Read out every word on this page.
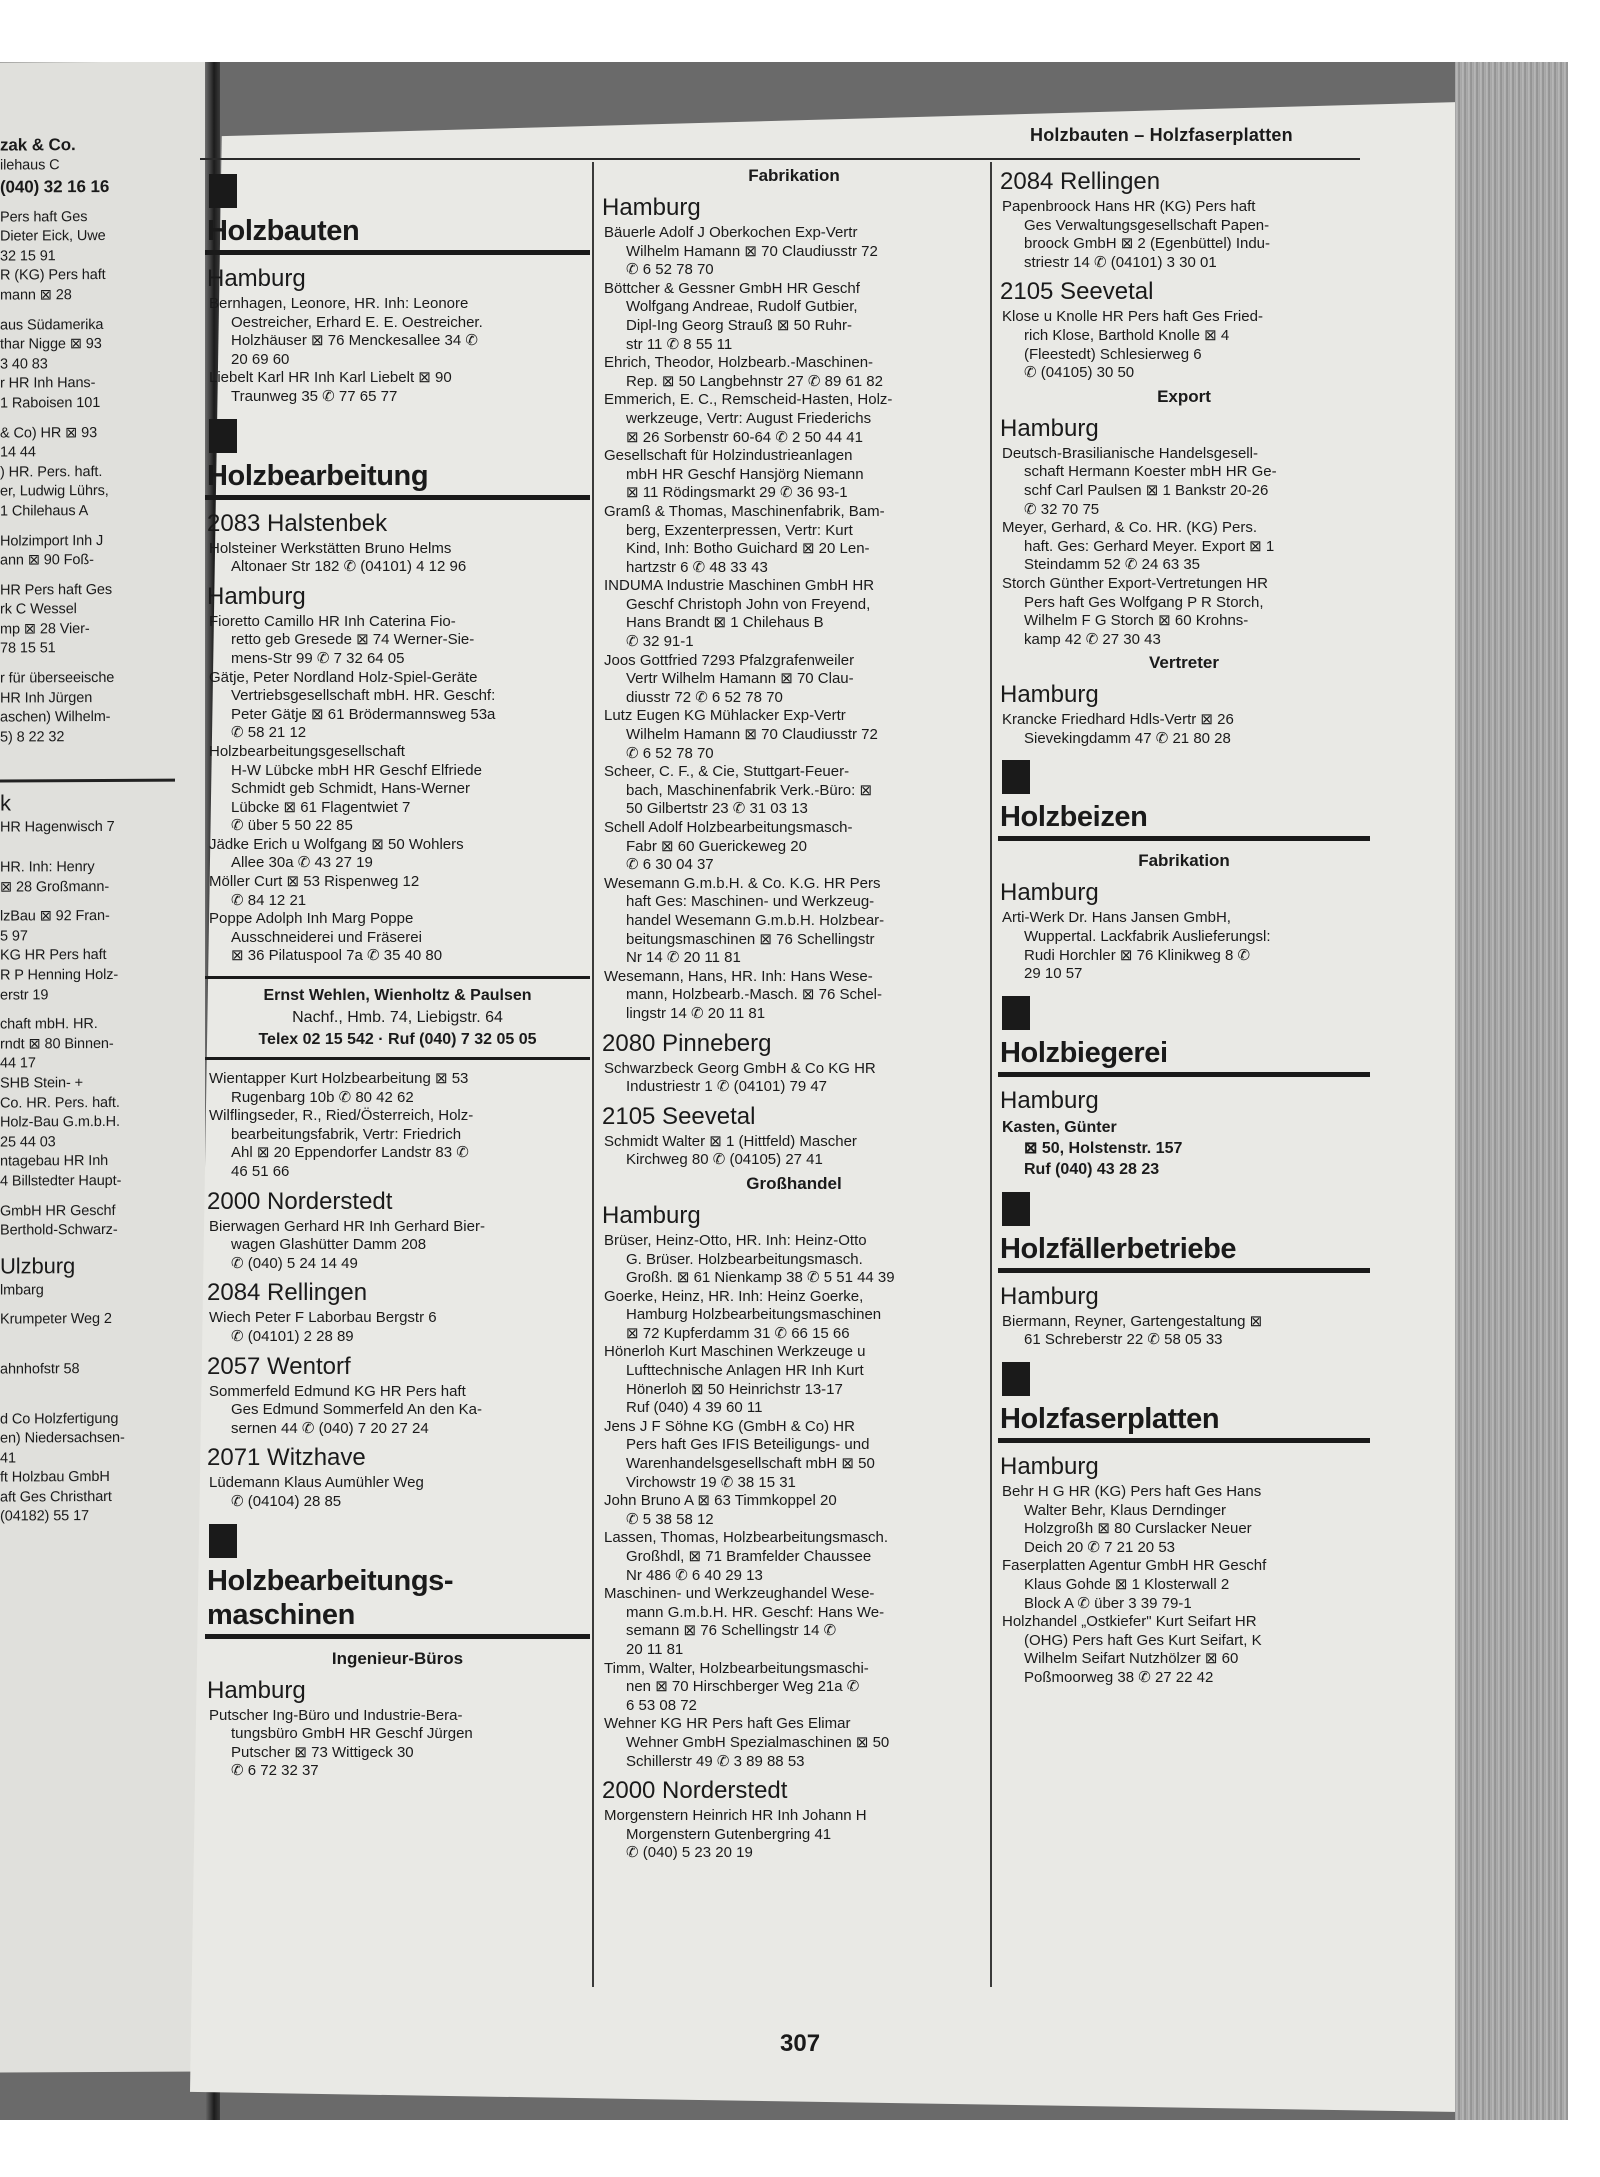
zak & Co.
ilehaus C
(040) 32 16 16
Pers haft Ges
Dieter Eick, Uwe
32 15 91
R (KG) Pers haft
mann ⊠ 28
aus Südamerika
thar Nigge ⊠ 93
3 40 83
r HR Inh Hans-
1 Raboisen 101
& Co) HR ⊠ 93
14 44
) HR. Pers. haft.
er, Ludwig Lührs,
1 Chilehaus A
Holzimport Inh J
ann ⊠ 90 Foß-
HR Pers haft Ges
rk C Wessel
mp ⊠ 28 Vier-
78 15 51
r für überseeische
HR Inh Jürgen
aschen) Wilhelm-
5) 8 22 32
k
HR Hagenwisch 7
HR. Inh: Henry
⊠ 28 Großmann-
lzBau ⊠ 92 Fran-
5 97
KG HR Pers haft
R P Henning Holz-
erstr 19
chaft mbH. HR.
rndt ⊠ 80 Binnen-
44 17
SHB Stein- +
Co. HR. Pers. haft.
Holz-Bau G.m.b.H.
25 44 03
ntagebau HR Inh
4 Billstedter Haupt-
GmbH HR Geschf
Berthold-Schwarz-
Ulzburg
lmbarg
Krumpeter Weg 2
ahnhofstr 58
d Co Holzfertigung
en) Niedersachsen-
41
ft Holzbau GmbH
aft Ges Christhart
(04182) 55 17
Holzbauten – Holzfaserplatten
Holzbauten
Hamburg
Bernhagen, Leonore, HR. Inh: Leonore
Oestreicher, Erhard E. E. Oestreicher.
Holzhäuser ⊠ 76 Menckesallee 34 ✆
20 69 60
Liebelt Karl HR Inh Karl Liebelt ⊠ 90
Traunweg 35 ✆ 77 65 77
Holzbearbeitung
2083 Halstenbek
Holsteiner Werkstätten Bruno Helms
Altonaer Str 182 ✆ (04101) 4 12 96
Hamburg
Fioretto Camillo HR Inh Caterina Fio-
retto geb Gresede ⊠ 74 Werner-Sie-
mens-Str 99 ✆ 7 32 64 05
Gätje, Peter Nordland Holz-Spiel-Geräte
Vertriebsgesellschaft mbH. HR. Geschf:
Peter Gätje ⊠ 61 Brödermannsweg 53a
✆ 58 21 12
Holzbearbeitungsgesellschaft
H-W Lübcke mbH HR Geschf Elfriede
Schmidt geb Schmidt, Hans-Werner
Lübcke ⊠ 61 Flagentwiet 7
✆ über 5 50 22 85
Jädke Erich u Wolfgang ⊠ 50 Wohlers
Allee 30a ✆ 43 27 19
Möller Curt ⊠ 53 Rispenweg 12
✆ 84 12 21
Poppe Adolph Inh Marg Poppe
Ausschneiderei und Fräserei
⊠ 36 Pilatuspool 7a ✆ 35 40 80
Ernst Wehlen, Wienholtz & Paulsen
Nachf., Hmb. 74, Liebigstr. 64
Telex 02 15 542 · Ruf (040) 7 32 05 05
Wientapper Kurt Holzbearbeitung ⊠ 53
Rugenbarg 10b ✆ 80 42 62
Wilflingseder, R., Ried/Österreich, Holz-
bearbeitungsfabrik, Vertr: Friedrich
Ahl ⊠ 20 Eppendorfer Landstr 83 ✆
46 51 66
2000 Norderstedt
Bierwagen Gerhard HR Inh Gerhard Bier-
wagen Glashütter Damm 208
✆ (040) 5 24 14 49
2084 Rellingen
Wiech Peter F Laborbau Bergstr 6
✆ (04101) 2 28 89
2057 Wentorf
Sommerfeld Edmund KG HR Pers haft
Ges Edmund Sommerfeld An den Ka-
sernen 44 ✆ (040) 7 20 27 24
2071 Witzhave
Lüdemann Klaus Aumühler Weg
✆ (04104) 28 85
Holzbearbeitungs-
maschinen
Ingenieur-Büros
Hamburg
Putscher Ing-Büro und Industrie-Bera-
tungsbüro GmbH HR Geschf Jürgen
Putscher ⊠ 73 Wittigeck 30
✆ 6 72 32 37
Fabrikation
Hamburg
Bäuerle Adolf J Oberkochen Exp-Vertr
Wilhelm Hamann ⊠ 70 Claudiusstr 72
✆ 6 52 78 70
Böttcher & Gessner GmbH HR Geschf
Wolfgang Andreae, Rudolf Gutbier,
Dipl-Ing Georg Strauß ⊠ 50 Ruhr-
str 11 ✆ 8 55 11
Ehrich, Theodor, Holzbearb.-Maschinen-
Rep. ⊠ 50 Langbehnstr 27 ✆ 89 61 82
Emmerich, E. C., Remscheid-Hasten, Holz-
werkzeuge, Vertr: August Friederichs
⊠ 26 Sorbenstr 60-64 ✆ 2 50 44 41
Gesellschaft für Holzindustrieanlagen
mbH HR Geschf Hansjörg Niemann
⊠ 11 Rödingsmarkt 29 ✆ 36 93-1
Gramß & Thomas, Maschinenfabrik, Bam-
berg, Exzenterpressen, Vertr: Kurt
Kind, Inh: Botho Guichard ⊠ 20 Len-
hartzstr 6 ✆ 48 33 43
INDUMA Industrie Maschinen GmbH HR
Geschf Christoph John von Freyend,
Hans Brandt ⊠ 1 Chilehaus B
✆ 32 91-1
Joos Gottfried 7293 Pfalzgrafenweiler
Vertr Wilhelm Hamann ⊠ 70 Clau-
diusstr 72 ✆ 6 52 78 70
Lutz Eugen KG Mühlacker Exp-Vertr
Wilhelm Hamann ⊠ 70 Claudiusstr 72
✆ 6 52 78 70
Scheer, C. F., & Cie, Stuttgart-Feuer-
bach, Maschinenfabrik Verk.-Büro: ⊠
50 Gilbertstr 23 ✆ 31 03 13
Schell Adolf Holzbearbeitungsmasch-
Fabr ⊠ 60 Guerickeweg 20
✆ 6 30 04 37
Wesemann G.m.b.H. & Co. K.G. HR Pers
haft Ges: Maschinen- und Werkzeug-
handel Wesemann G.m.b.H. Holzbear-
beitungsmaschinen ⊠ 76 Schellingstr
Nr 14 ✆ 20 11 81
Wesemann, Hans, HR. Inh: Hans Wese-
mann, Holzbearb.-Masch. ⊠ 76 Schel-
lingstr 14 ✆ 20 11 81
2080 Pinneberg
Schwarzbeck Georg GmbH & Co KG HR
Industriestr 1 ✆ (04101) 79 47
2105 Seevetal
Schmidt Walter ⊠ 1 (Hittfeld) Mascher
Kirchweg 80 ✆ (04105) 27 41
Großhandel
Hamburg
Brüser, Heinz-Otto, HR. Inh: Heinz-Otto
G. Brüser. Holzbearbeitungsmasch.
Großh. ⊠ 61 Nienkamp 38 ✆ 5 51 44 39
Goerke, Heinz, HR. Inh: Heinz Goerke,
Hamburg Holzbearbeitungsmaschinen
⊠ 72 Kupferdamm 31 ✆ 66 15 66
Hönerloh Kurt Maschinen Werkzeuge u
Lufttechnische Anlagen HR Inh Kurt
Hönerloh ⊠ 50 Heinrichstr 13-17
Ruf (040) 4 39 60 11
Jens J F Söhne KG (GmbH & Co) HR
Pers haft Ges IFIS Beteiligungs- und
Warenhandelsgesellschaft mbH ⊠ 50
Virchowstr 19 ✆ 38 15 31
John Bruno A ⊠ 63 Timmkoppel 20
✆ 5 38 58 12
Lassen, Thomas, Holzbearbeitungsmasch.
Großhdl, ⊠ 71 Bramfelder Chaussee
Nr 486 ✆ 6 40 29 13
Maschinen- und Werkzeughandel Wese-
mann G.m.b.H. HR. Geschf: Hans We-
semann ⊠ 76 Schellingstr 14 ✆
20 11 81
Timm, Walter, Holzbearbeitungsmaschi-
nen ⊠ 70 Hirschberger Weg 21a ✆
6 53 08 72
Wehner KG HR Pers haft Ges Elimar
Wehner GmbH Spezialmaschinen ⊠ 50
Schillerstr 49 ✆ 3 89 88 53
2000 Norderstedt
Morgenstern Heinrich HR Inh Johann H
Morgenstern Gutenbergring 41
✆ (040) 5 23 20 19
2084 Rellingen
Papenbroock Hans HR (KG) Pers haft
Ges Verwaltungsgesellschaft Papen-
broock GmbH ⊠ 2 (Egenbüttel) Indu-
striestr 14 ✆ (04101) 3 30 01
2105 Seevetal
Klose u Knolle HR Pers haft Ges Fried-
rich Klose, Barthold Knolle ⊠ 4
(Fleestedt) Schlesierweg 6
✆ (04105) 30 50
Export
Hamburg
Deutsch-Brasilianische Handelsgesell-
schaft Hermann Koester mbH HR Ge-
schf Carl Paulsen ⊠ 1 Bankstr 20-26
✆ 32 70 75
Meyer, Gerhard, & Co. HR. (KG) Pers.
haft. Ges: Gerhard Meyer. Export ⊠ 1
Steindamm 52 ✆ 24 63 35
Storch Günther Export-Vertretungen HR
Pers haft Ges Wolfgang P R Storch,
Wilhelm F G Storch ⊠ 60 Krohns-
kamp 42 ✆ 27 30 43
Vertreter
Hamburg
Krancke Friedhard Hdls-Vertr ⊠ 26
Sievekingdamm 47 ✆ 21 80 28
Holzbeizen
Fabrikation
Hamburg
Arti-Werk Dr. Hans Jansen GmbH,
Wuppertal. Lackfabrik Auslieferungsl:
Rudi Horchler ⊠ 76 Klinikweg 8 ✆
29 10 57
Holzbiegerei
Hamburg
Kasten, Günter
⊠ 50, Holstenstr. 157
Ruf (040) 43 28 23
Holzfällerbetriebe
Hamburg
Biermann, Reyner, Gartengestaltung ⊠
61 Schreberstr 22 ✆ 58 05 33
Holzfaserplatten
Hamburg
Behr H G HR (KG) Pers haft Ges Hans
Walter Behr, Klaus Derndinger
Holzgroßh ⊠ 80 Curslacker Neuer
Deich 20 ✆ 7 21 20 53
Faserplatten Agentur GmbH HR Geschf
Klaus Gohde ⊠ 1 Klosterwall 2
Block A ✆ über 3 39 79-1
Holzhandel „Ostkiefer" Kurt Seifart HR
(OHG) Pers haft Ges Kurt Seifart, K
Wilhelm Seifart Nutzhölzer ⊠ 60
Poßmoorweg 38 ✆ 27 22 42
307
